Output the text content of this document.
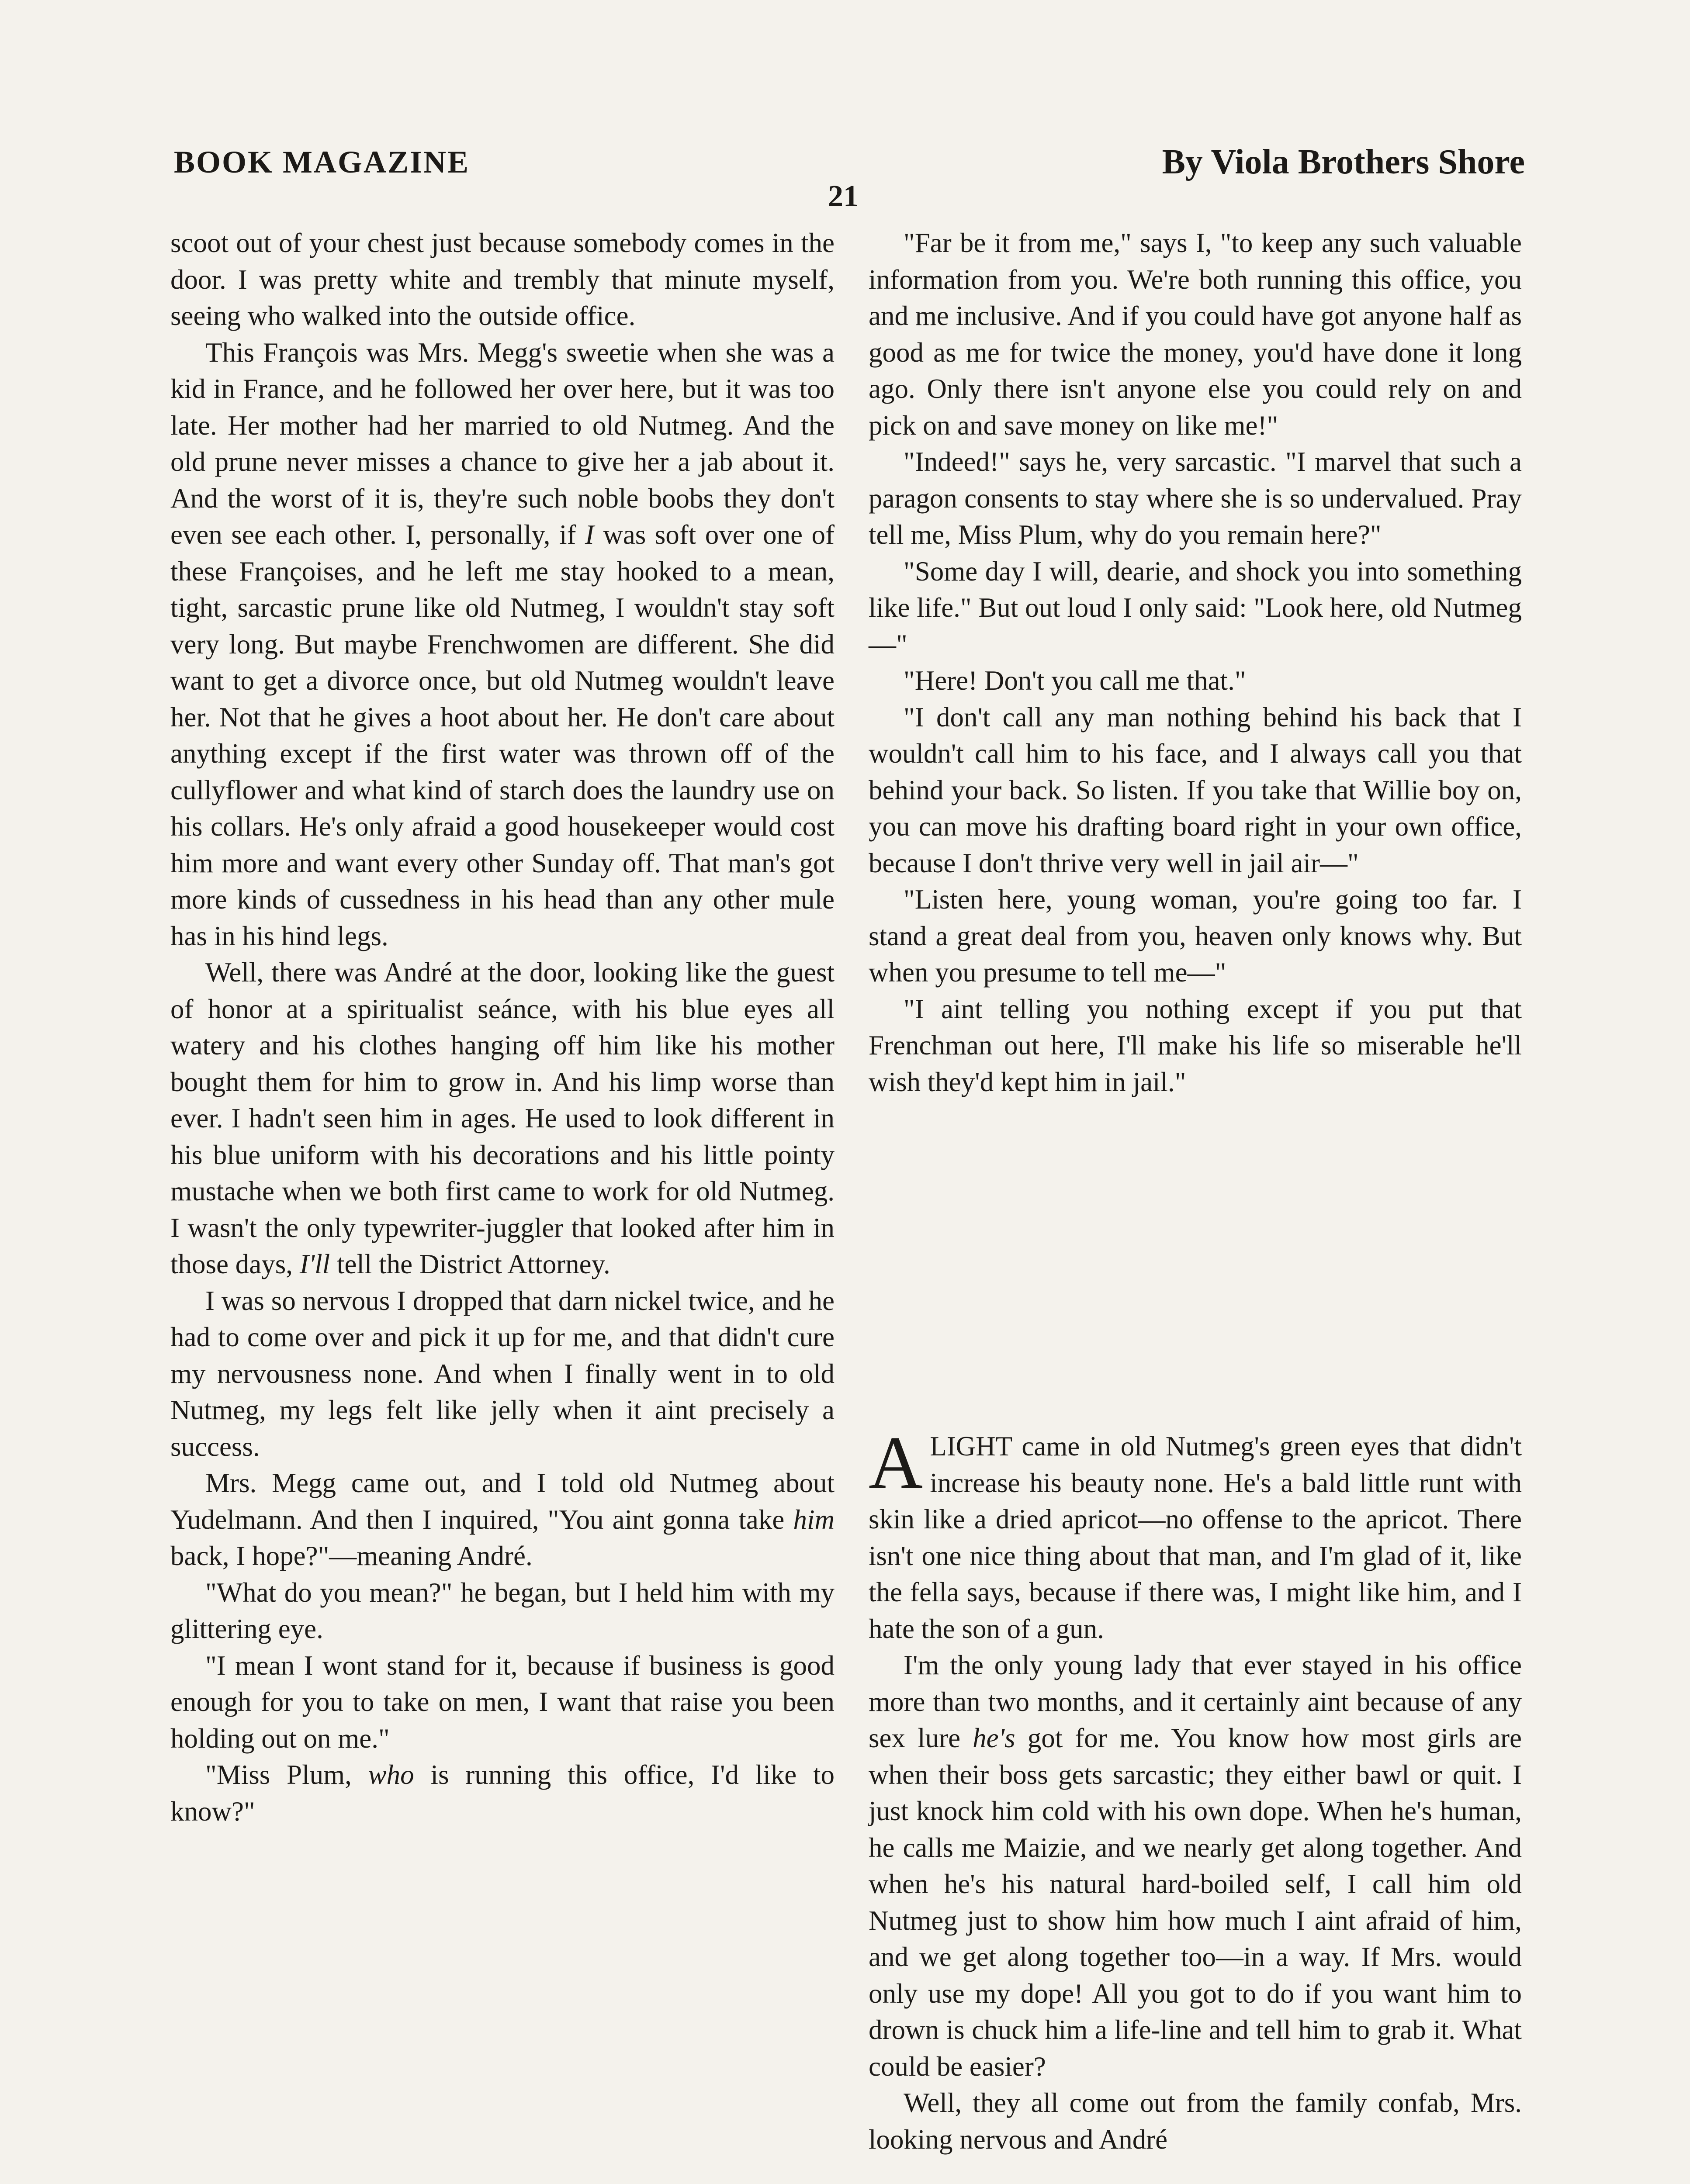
BOOK MAGAZINE	By Viola Brothers Shore
21

scoot out of your chest just because somebody comes in the door. I was pretty white and trembly that minute myself, seeing who walked into the outside office.

This François was Mrs. Megg's sweetie when she was a kid in France, and he followed her over here, but it was too late. Her mother had her married to old Nutmeg. And the old prune never misses a chance to give her a jab about it. And the worst of it is, they're such noble boobs they don't even see each other. I, personally, if I was soft over one of these Françoises, and he left me stay hooked to a mean, tight, sarcastic prune like old Nutmeg, I wouldn't stay soft very long. But maybe Frenchwomen are different. She did want to get a divorce once, but old Nutmeg wouldn't leave her. Not that he gives a hoot about her. He don't care about anything except if the first water was thrown off of the cullyflower and what kind of starch does the laundry use on his collars. He's only afraid a good housekeeper would cost him more and want every other Sunday off. That man's got more kinds of cussedness in his head than any other mule has in his hind legs.

Well, there was André at the door, looking like the guest of honor at a spiritualist seánce, with his blue eyes all watery and his clothes hanging off him like his mother bought them for him to grow in. And his limp worse than ever. I hadn't seen him in ages. He used to look different in his blue uniform with his decorations and his little pointy mustache when we both first came to work for old Nutmeg. I wasn't the only typewriter-juggler that looked after him in those days, I'll tell the District Attorney.

I was so nervous I dropped that darn nickel twice, and he had to come over and pick it up for me, and that didn't cure my nervousness none. And when I finally went in to old Nutmeg, my legs felt like jelly when it aint precisely a success.

Mrs. Megg came out, and I told old Nutmeg about Yudelmann. And then I inquired, "You aint gonna take him back, I hope?"—meaning André.

"What do you mean?" he began, but I held him with my glittering eye.

"I mean I wont stand for it, because if business is good enough for you to take on men, I want that raise you been holding out on me."

"Miss Plum, who is running this office, I'd like to know?"

"Far be it from me," says I, "to keep any such valuable information from you. We're both running this office, you and me inclusive. And if you could have got anyone half as good as me for twice the money, you'd have done it long ago. Only there isn't anyone else you could rely on and pick on and save money on like me!"

"Indeed!" says he, very sarcastic. "I marvel that such a paragon consents to stay where she is so undervalued. Pray tell me, Miss Plum, why do you remain here?"

"Some day I will, dearie, and shock you into something like life." But out loud I only said: "Look here, old Nutmeg—"

"Here! Don't you call me that."

"I don't call any man nothing behind his back that I wouldn't call him to his face, and I always call you that behind your back. So listen. If you take that Willie boy on, you can move his drafting board right in your own office, because I don't thrive very well in jail air—"

"Listen here, young woman, you're going too far. I stand a great deal from you, heaven only knows why. But when you presume to tell me—"

"I aint telling you nothing except if you put that Frenchman out here, I'll make his life so miserable he'll wish they'd kept him in jail."

A LIGHT came in old Nutmeg's green eyes that didn't increase his beauty none. He's a bald little runt with skin like a dried apricot—no offense to the apricot. There isn't one nice thing about that man, and I'm glad of it, like the fella says, because if there was, I might like him, and I hate the son of a gun.

I'm the only young lady that ever stayed in his office more than two months, and it certainly aint because of any sex lure he's got for me. You know how most girls are when their boss gets sarcastic; they either bawl or quit. I just knock him cold with his own dope. When he's human, he calls me Maizie, and we nearly get along together. And when he's his natural hard-boiled self, I call him old Nutmeg just to show him how much I aint afraid of him, and we get along together too—in a way. If Mrs. would only use my dope! All you got to do if you want him to drown is chuck him a life-line and tell him to grab it. What could be easier?

Well, they all come out from the family confab, Mrs. looking nervous and André
